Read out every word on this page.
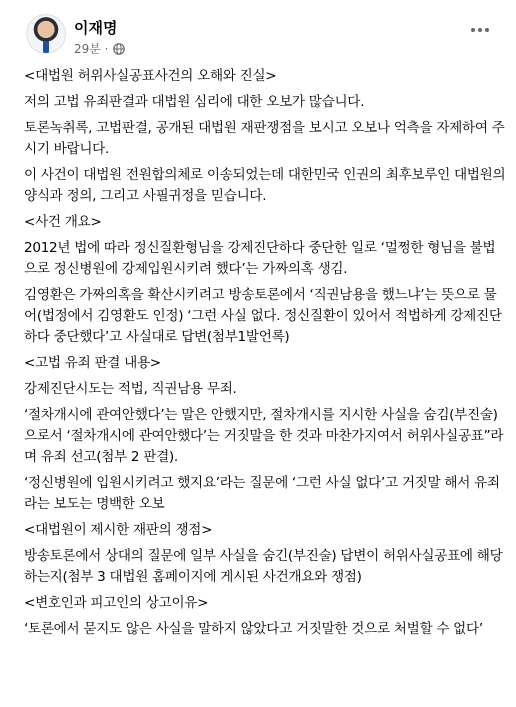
이재명
29분 ·

<대법원 허위사실공표사건의 오해와 진실>

저의 고법 유죄판결과 대법원 심리에 대한 오보가 많습니다.

토론녹취록, 고법판결, 공개된 대법원 재판쟁점을 보시고 오보나 억측을 자제하여 주시기 바랍니다.

이 사건이 대법원 전원합의체로 이송되었는데 대한민국 인권의 최후보루인 대법원의 양식과 정의, 그리고 사필귀정을 믿습니다.

<사건 개요>

2012년 법에 따라 정신질환형님을 강제진단하다 중단한 일로 ‘멀쩡한 형님을 불법으로 정신병원에 강제입원시키려 했다’는 가짜의혹 생김.

김영환은 가짜의혹을 확산시키려고 방송토론에서 ‘직권남용을 했느냐’는 뜻으로 물어(법정에서 김영환도 인정) ‘그런 사실 없다. 정신질환이 있어서 적법하게 강제진단하다 중단했다’고 사실대로 답변(첨부1발언록)

<고법 유죄 판결 내용>

강제진단시도는 적법, 직권남용 무죄.

‘절차개시에 관여안했다’는 말은 안했지만, 절차개시를 지시한 사실을 숨김(부진술)으로서 ‘절차개시에 관여안했다’는 거짓말을 한 것과 마찬가지여서 허위사실공표”라며 유죄 선고(첨부 2 판결).

‘정신병원에 입원시키려고 했지요’라는 질문에 ‘그런 사실 없다’고 거짓말 해서 유죄라는 보도는 명백한 오보

<대법원이 제시한 재판의 쟁점>

방송토론에서 상대의 질문에 일부 사실을 숨긴(부진술) 답변이 허위사실공표에 해당하는지(첨부 3 대법원 홈페이지에 게시된 사건개요와 쟁점)

<변호인과 피고인의 상고이유>

‘토론에서 묻지도 않은 사실을 말하지 않았다고 거짓말한 것으로 처벌할 수 없다’
